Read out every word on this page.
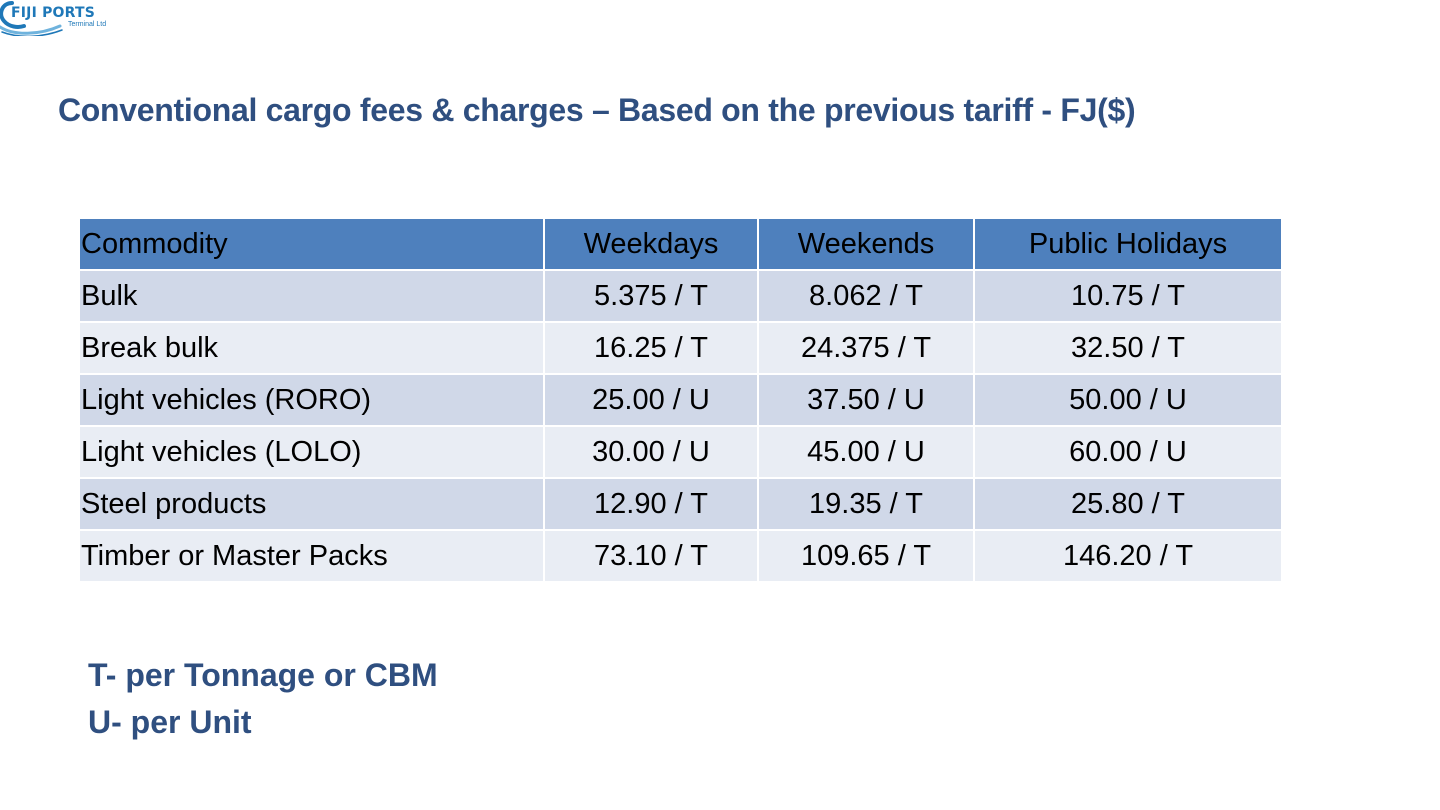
FIJI PORTS
Terminal Ltd
Conventional cargo fees & charges – Based on the previous tariff - FJ($)
Commodity	Weekdays	Weekends	Public Holidays
Bulk	5.375 / T	8.062 / T	10.75 / T
Break bulk	16.25 / T	24.375 / T	32.50 / T
Light vehicles (RORO)	25.00 / U	37.50 / U	50.00 / U
Light vehicles (LOLO)	30.00 / U	45.00 / U	60.00 / U
Steel products	12.90 / T	19.35 / T	25.80 / T
Timber or Master Packs	73.10 / T	109.65 / T	146.20 / T
T- per Tonnage or CBM
U- per Unit
